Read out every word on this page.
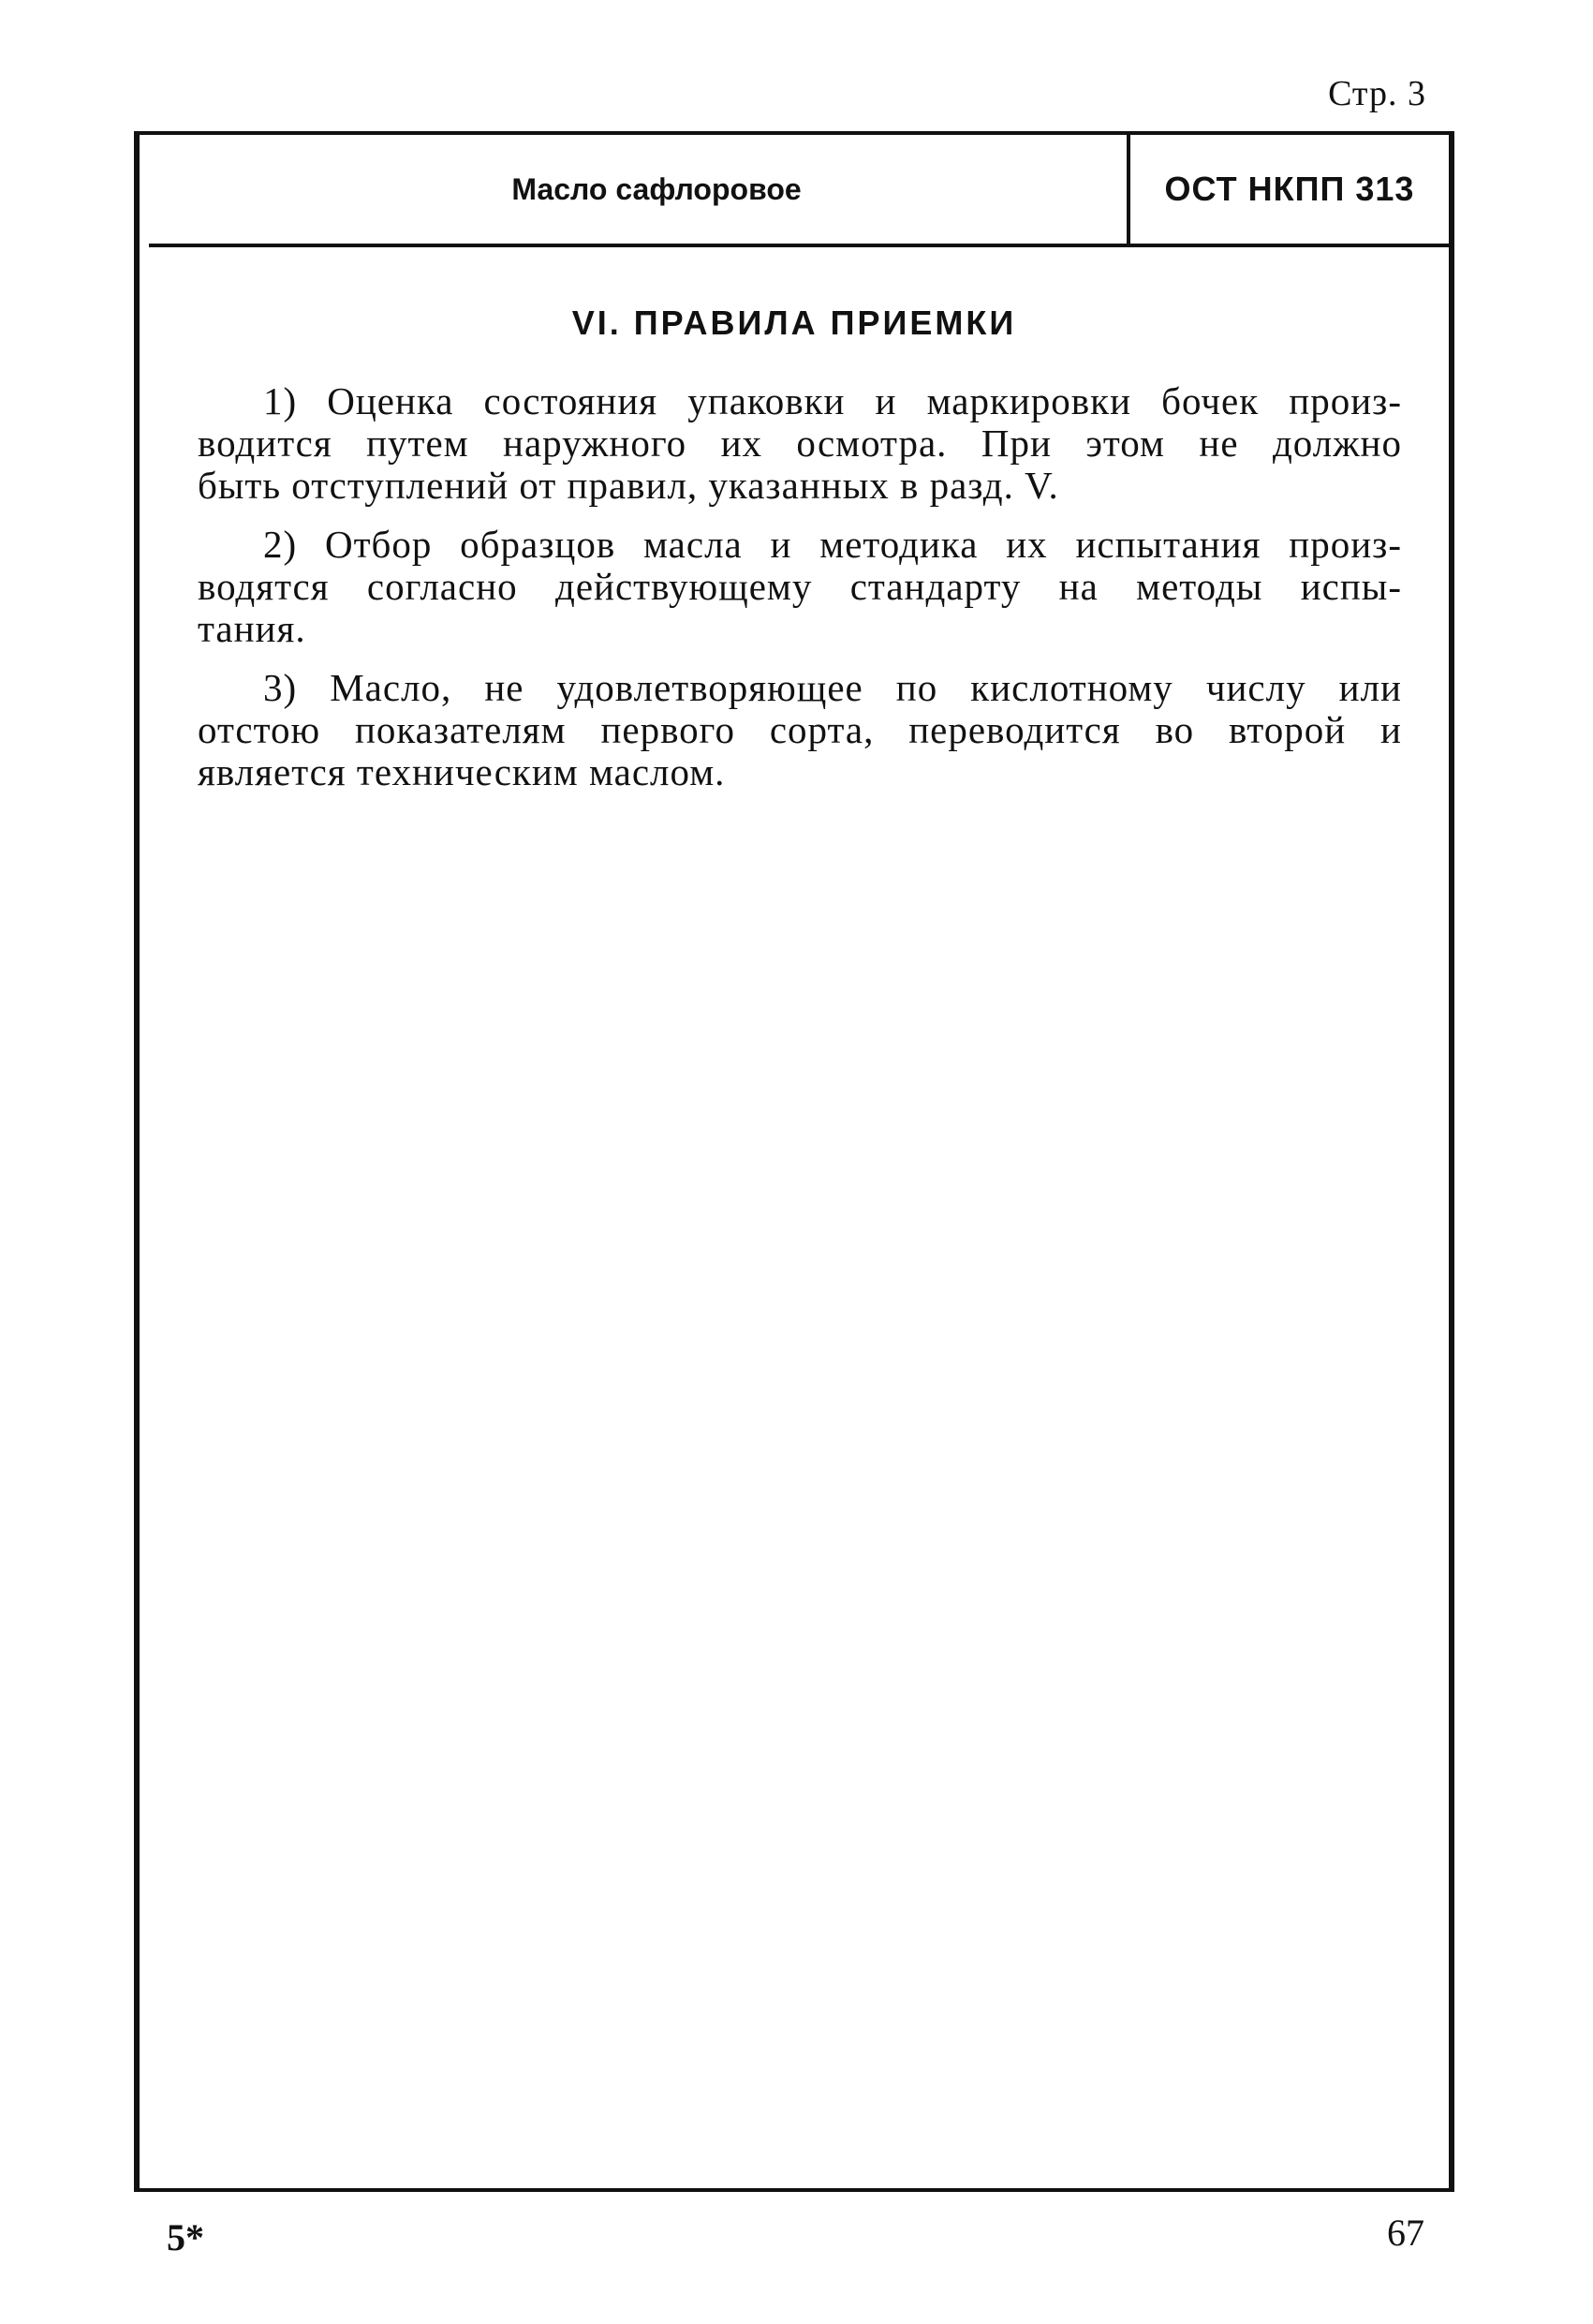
Стр. 3
Масло сафлоровое	ОСТ НКПП 313
VI. ПРАВИЛА ПРИЕМКИ
1) Оценка состояния упаковки и маркировки бочек произ-
водится путем наружного их осмотра. При этом не должно
быть отступлений от правил, указанных в разд. V.
2) Отбор образцов масла и методика их испытания произ-
водятся согласно действующему стандарту на методы испы-
тания.
3) Масло, не удовлетворяющее по кислотному числу или
отстою показателям первого сорта, переводится во второй и
является техническим маслом.
5*	67
